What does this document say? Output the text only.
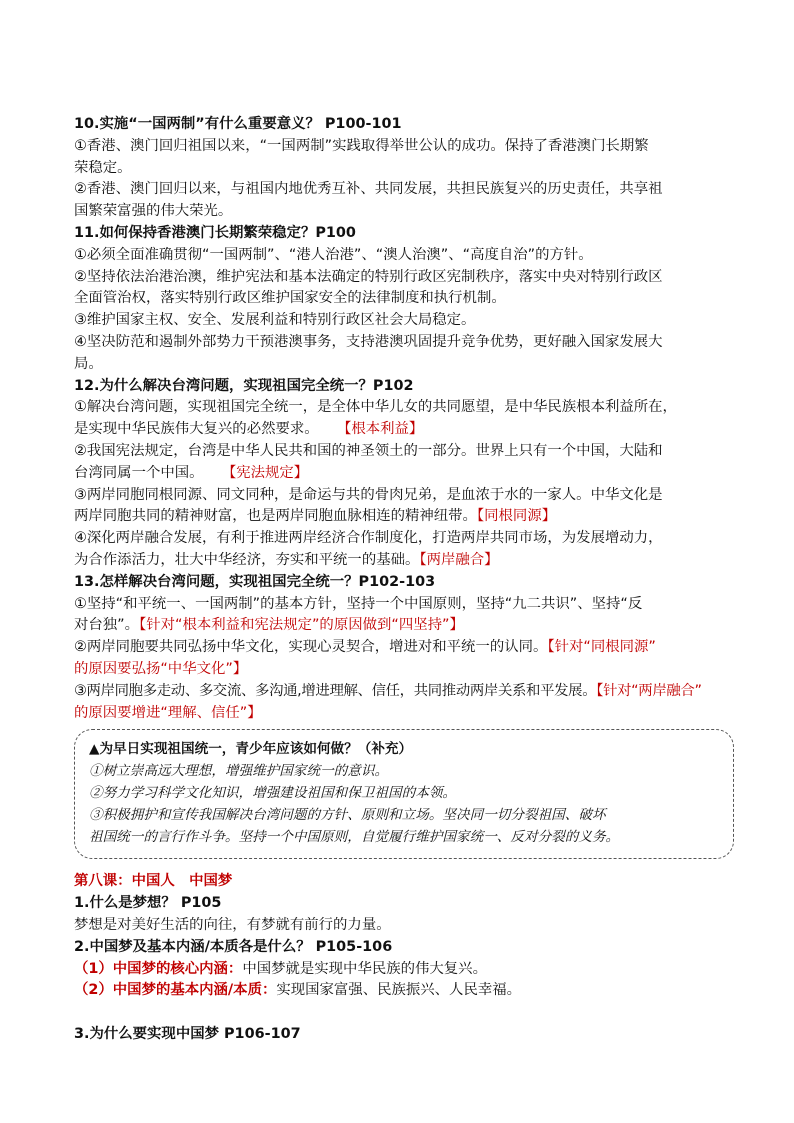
10.实施“一国两制”有什么重要意义？ P100-101
①香港、澳门回归祖国以来，“一国两制”实践取得举世公认的成功。保持了香港澳门长期繁
荣稳定。
②香港、澳门回归以来，与祖国内地优秀互补、共同发展，共担民族复兴的历史责任，共享祖
国繁荣富强的伟大荣光。
11.如何保持香港澳门长期繁荣稳定？P100
①必须全面准确贯彻“一国两制”、“港人治港”、“澳人治澳”、“高度自治”的方针。
②坚持依法治港治澳，维护宪法和基本法确定的特别行政区宪制秩序，落实中央对特别行政区
全面管治权，落实特别行政区维护国家安全的法律制度和执行机制。
③维护国家主权、安全、发展利益和特别行政区社会大局稳定。
④坚决防范和遏制外部势力干预港澳事务，支持港澳巩固提升竞争优势，更好融入国家发展大
局。
12.为什么解决台湾问题，实现祖国完全统一？P102
①解决台湾问题，实现祖国完全统一，是全体中华儿女的共同愿望，是中华民族根本利益所在，
是实现中华民族伟大复兴的必然要求。 【根本利益】
②我国宪法规定，台湾是中华人民共和国的神圣领土的一部分。世界上只有一个中国，大陆和
台湾同属一个中国。 【宪法规定】
③两岸同胞同根同源、同文同种，是命运与共的骨肉兄弟，是血浓于水的一家人。中华文化是
两岸同胞共同的精神财富，也是两岸同胞血脉相连的精神纽带。【同根同源】
④深化两岸融合发展，有利于推进两岸经济合作制度化，打造两岸共同市场，为发展增动力，
为合作添活力，壮大中华经济，夯实和平统一的基础。【两岸融合】
13.怎样解决台湾问题，实现祖国完全统一？P102-103
①坚持“和平统一、一国两制”的基本方针，坚持一个中国原则，坚持“九二共识”、坚持“反
对台独”。【针对“根本利益和宪法规定”的原因做到“四坚持”】
②两岸同胞要共同弘扬中华文化，实现心灵契合，增进对和平统一的认同。【针对“同根同源”
的原因要弘扬“中华文化”】
③两岸同胞多走动、多交流、多沟通,增进理解、信任，共同推动两岸关系和平发展。【针对“两岸融合”
的原因要增进“理解、信任”】
▲为早日实现祖国统一，青少年应该如何做？（补充）
①树立崇高远大理想，增强维护国家统一的意识。
②努力学习科学文化知识，增强建设祖国和保卫祖国的本领。
③积极拥护和宣传我国解决台湾问题的方针、原则和立场。坚决同一切分裂祖国、破坏
祖国统一的言行作斗争。坚持一个中国原则，自觉履行维护国家统一、反对分裂的义务。
第八课：中国人　中国梦
1.什么是梦想？ P105
梦想是对美好生活的向往，有梦就有前行的力量。
2.中国梦及基本内涵/本质各是什么？ P105-106
（1）中国梦的核心内涵：中国梦就是实现中华民族的伟大复兴。
（2）中国梦的基本内涵/本质：实现国家富强、民族振兴、人民幸福。
3.为什么要实现中国梦 P106-107
